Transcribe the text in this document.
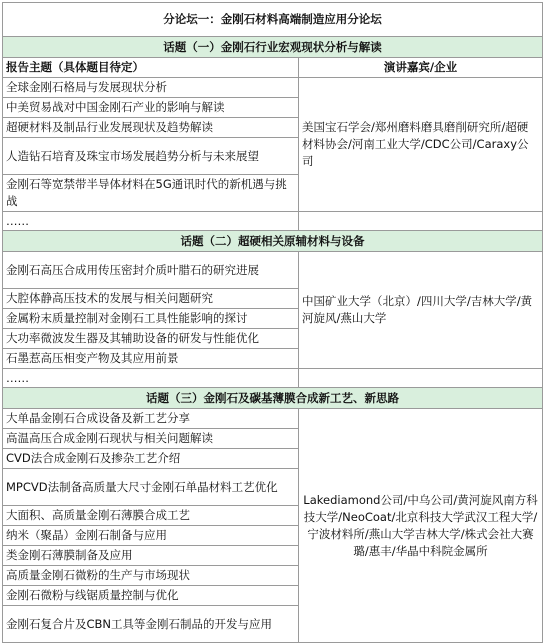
分论坛一：金刚石材料高端制造应用分论坛	
话题（一）金刚石行业宏观现状分析与解读	
报告主题（具体题目待定）	演讲嘉宾/企业
全球金刚石格局与发展现状分析	美国宝石学会/郑州磨料磨具磨削研究所/超硬材料协会/河南工业大学/CDC公司/Caraxy公司
中美贸易战对中国金刚石产业的影响与解读	
超硬材料及制品行业发展现状及趋势解读	
人造钻石培育及珠宝市场发展趋势分析与未来展望	
金刚石等宽禁带半导体材料在5G通讯时代的新机遇与挑战	
……	
话题（二）超硬相关原辅材料与设备	
金刚石高压合成用传压密封介质叶腊石的研究进展	中国矿业大学（北京）/四川大学/吉林大学/黄河旋风/燕山大学
大腔体静高压技术的发展与相关问题研究	
金属粉末质量控制对金刚石工具性能影响的探讨	
大功率微波发生器及其辅助设备的研发与性能优化	
石墨惹高压相变产物及其应用前景	
……	
话题（三）金刚石及碳基薄膜合成新工艺、新思路	
大单晶金刚石合成设备及新工艺分享	Lakediamond公司/中乌公司/黄河旋风南方科技大学/NeoCoat/北京科技大学武汉工程大学/宁波材料所/燕山大学吉林大学/株式会社大赛璐/惠丰/华晶中科院金属所
高温高压合成金刚石现状与相关问题解读	
CVD法合成金刚石及掺杂工艺介绍	
MPCVD法制备高质量大尺寸金刚石单晶材料工艺优化	
大面积、高质量金刚石薄膜合成工艺	
纳米（聚晶）金刚石制备与应用	
类金刚石薄膜制备及应用	
高质量金刚石微粉的生产与市场现状	
金刚石微粉与线锯质量控制与优化	
金刚石复合片及CBN工具等金刚石制品的开发与应用	
